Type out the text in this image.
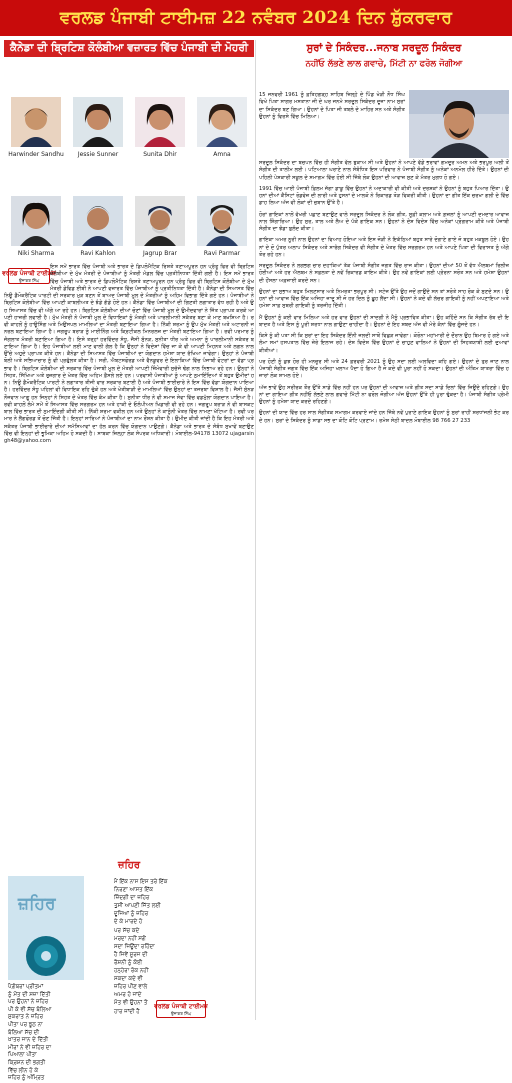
ਵਰਲਡ ਪੰਜਾਬੀ ਟਾਈਮਜ਼ 22 ਨਵੰਬਰ 2024 ਦਿਨ ਸ਼ੁੱਕਰਵਾਰ
ਕੈਨੇਡਾ ਦੀ ਬ੍ਰਿਟਿਸ਼ ਕੋਲੰਬੀਆ ਵਜ਼ਾਰਤ ਵਿੱਚ ਪੰਜਾਬੀ ਦੀ ਮੋਹਰੀ
Harwinder Sandhu	Jessie Sunner	Sunita Dhir	Amna
Niki Sharma	Ravi Kahlon	Jagrup Brar	Ravi Parmar
ਵਰਲਡ ਪੰਜਾਬੀ ਟਾਈਮਜ਼
ਉਜਾਗਰ ਸਿੰਘ
ਇਸ ਸਮੇਂ ਭਾਰਤ ਵਿੱਚ ਪੰਜਾਬੀ ਅਤੇ ਭਾਰਤ ਦੇ ਡਿਪਲੋਮੈਟਿਕ ਰਿਸ਼ਤੇ ਤਣਾਅਪੂਰਨ ਹਨ ਪ੍ਰੰਤੂ ਫਿਰ ਵੀ ਬ੍ਰਿਟਿਸ਼ ਕੋਲੰਬੀਆ ਦੇ ਮੁੱਖ ਮੰਤਰੀ ਦੇ ਪੰਜਾਬੀਆਂ ਨੂੰ ਮੰਤਰੀ ਮੰਡਲ ਵਿੱਚ ਪ੍ਰਤੀਨਿਧਤਾ ਦਿੱਤੀ ਗਈ ਹੈ। ਇਸ ਸਮੇਂ ਭਾਰਤ ਵਿੱਚ ਪੰਜਾਬੀ ਅਤੇ ਭਾਰਤ ਦੇ ਡਿਪਲੋਮੈਟਿਕ ਰਿਸ਼ਤੇ ਤਣਾਅਪੂਰਨ ਹਨ ਪ੍ਰੰਤੂ ਫਿਰ ਵੀ ਬ੍ਰਿਟਿਸ਼ ਕੋਲੰਬੀਆ ਦੇ ਮੁੱਖ ਮੰਤਰੀ ਡੇਵਿਡ ਈਬੀ ਨੇ ਆਪਣੀ ਵਜ਼ਾਰਤ ਵਿੱਚ ਪੰਜਾਬੀਆਂ ਨੂੰ ਪ੍ਰਤੀਨਿਧਤਾ ਦਿੱਤੀ ਹੈ। ਕੈਨੇਡਾ ਦੀ ਸਿਆਸਤ ਵਿੱਚ ਨਿਊ ਡੈਮੋਕਰੈਟਿਕ ਪਾਰਟੀ ਦੀ ਸਰਕਾਰ ਮੁੜ ਬਣਨ ਤੋਂ ਬਾਅਦ ਪੰਜਾਬੀ ਮੂਲ ਦੇ ਮੰਤਰੀਆਂ ਨੂੰ ਅਹਿਮ ਵਿਭਾਗ ਦਿੱਤੇ ਗਏ ਹਨ। ਪੰਜਾਬੀਆਂ ਨੇ ਬ੍ਰਿਟਿਸ਼ ਕੋਲੰਬੀਆ ਵਿੱਚ ਆਪਣੀ ਕਾਬਲੀਅਤ ਦੇ ਝੰਡੇ ਗੱਡੇ ਹੋਏ ਹਨ। ਕੈਨੇਡਾ ਵਿੱਚ ਪੰਜਾਬੀਆਂ ਦੀ ਗਿਣਤੀ ਲਗਾਤਾਰ ਵੱਧ ਰਹੀ ਹੈ ਅਤੇ ਉਹ ਸਿਆਸਤ ਵਿੱਚ ਵੀ ਅੱਗੇ ਆ ਰਹੇ ਹਨ। ਬ੍ਰਿਟਿਸ਼ ਕੋਲੰਬੀਆ ਦੀਆਂ ਚੋਣਾਂ ਵਿੱਚ ਪੰਜਾਬੀ ਮੂਲ ਦੇ ਉਮੀਦਵਾਰਾਂ ਨੇ ਜਿੱਤ ਪ੍ਰਾਪਤ ਕਰਕੇ ਆਪਣੀ ਹਾਜ਼ਰੀ ਲਵਾਈ ਹੈ। ਮੁੱਖ ਮੰਤਰੀ ਨੇ ਪੰਜਾਬੀ ਮੂਲ ਦੇ ਵਿਧਾਇਕਾਂ ਨੂੰ ਮੰਤਰੀ ਅਤੇ ਪਾਰਲੀਮਾਨੀ ਸਕੱਤਰ ਬਣਾ ਕੇ ਮਾਣ ਬਖ਼ਸ਼ਿਆ ਹੈ। ਰਵੀ ਕਾਹਲੋਂ ਨੂੰ ਹਾਊਸਿੰਗ ਅਤੇ ਮਿਉਂਸਪਲ ਮਾਮਲਿਆਂ ਦਾ ਮੰਤਰੀ ਬਣਾਇਆ ਗਿਆ ਹੈ। ਨਿੱਕੀ ਸ਼ਰਮਾ ਨੂੰ ਉਪ ਮੁੱਖ ਮੰਤਰੀ ਅਤੇ ਅਟਾਰਨੀ ਜਨਰਲ ਬਣਾਇਆ ਗਿਆ ਹੈ। ਜਗਰੂਪ ਬਰਾੜ ਨੂੰ ਮਾਈਨਿੰਗ ਅਤੇ ਕ੍ਰਿਟੀਕਲ ਮਿਨਰਲਜ਼ ਦਾ ਮੰਤਰੀ ਬਣਾਇਆ ਗਿਆ ਹੈ। ਰਵੀ ਪਰਮਾਰ ਨੂੰ ਜੰਗਲਾਤ ਮੰਤਰੀ ਬਣਾਇਆ ਗਿਆ ਹੈ। ਇਸੇ ਤਰ੍ਹਾਂ ਹਰਵਿੰਦਰ ਸੰਧੂ, ਜੈਸੀ ਸੁੰਨੜ, ਸੁਨੀਤਾ ਧੀਰ ਅਤੇ ਅਮਨਾ ਨੂੰ ਪਾਰਲੀਮਾਨੀ ਸਕੱਤਰ ਬਣਾਇਆ ਗਿਆ ਹੈ। ਇਹ ਪੰਜਾਬੀਆਂ ਲਈ ਮਾਣ ਵਾਲੀ ਗੱਲ ਹੈ ਕਿ ਉਨ੍ਹਾਂ ਨੇ ਵਿਦੇਸ਼ਾਂ ਵਿੱਚ ਜਾ ਕੇ ਵੀ ਆਪਣੀ ਮਿਹਨਤ ਅਤੇ ਲਗਨ ਨਾਲ ਉੱਚੇ ਅਹੁਦੇ ਪ੍ਰਾਪਤ ਕੀਤੇ ਹਨ। ਕੈਨੇਡਾ ਦੀ ਸਿਆਸਤ ਵਿੱਚ ਪੰਜਾਬੀਆਂ ਦਾ ਯੋਗਦਾਨ ਹਮੇਸ਼ਾ ਯਾਦ ਰੱਖਿਆ ਜਾਵੇਗਾ। ਉਨ੍ਹਾਂ ਨੇ ਪੰਜਾਬੀ ਬੋਲੀ ਅਤੇ ਸਭਿਆਚਾਰ ਨੂੰ ਵੀ ਪ੍ਰਫੁੱਲਤ ਕੀਤਾ ਹੈ। ਸਰੀ, ਐਬਟਸਫੋਰਡ ਅਤੇ ਵੈਨਕੂਵਰ ਦੇ ਇਲਾਕਿਆਂ ਵਿੱਚ ਪੰਜਾਬੀ ਵੋਟਰਾਂ ਦਾ ਵੱਡਾ ਪ੍ਰਭਾਵ ਹੈ। ਬ੍ਰਿਟਿਸ਼ ਕੋਲੰਬੀਆ ਦੀ ਸਰਕਾਰ ਵਿੱਚ ਪੰਜਾਬੀ ਮੂਲ ਦੇ ਮੰਤਰੀ ਆਪਣੀ ਜ਼ਿੰਮੇਵਾਰੀ ਸੁਚੱਜੇ ਢੰਗ ਨਾਲ ਨਿਭਾਅ ਰਹੇ ਹਨ। ਉਨ੍ਹਾਂ ਨੇ ਸਿਹਤ, ਸਿੱਖਿਆ ਅਤੇ ਰੁਜ਼ਗਾਰ ਦੇ ਖੇਤਰ ਵਿੱਚ ਅਹਿਮ ਫ਼ੈਸਲੇ ਲਏ ਹਨ। ਪਰਵਾਸੀ ਪੰਜਾਬੀਆਂ ਨੂੰ ਆਪਣੇ ਨੁਮਾਇੰਦਿਆਂ ਤੋਂ ਬਹੁਤ ਉਮੀਦਾਂ ਹਨ। ਨਿਊ ਡੈਮੋਕਰੈਟਿਕ ਪਾਰਟੀ ਨੇ ਲਗਾਤਾਰ ਤੀਜੀ ਵਾਰ ਸਰਕਾਰ ਬਣਾਈ ਹੈ ਅਤੇ ਪੰਜਾਬੀ ਭਾਈਚਾਰੇ ਨੇ ਇਸ ਵਿੱਚ ਵੱਡਾ ਯੋਗਦਾਨ ਪਾਇਆ ਹੈ। ਹਰਵਿੰਦਰ ਸੰਧੂ ਪਹਿਲਾਂ ਵੀ ਵਿਧਾਇਕ ਰਹਿ ਚੁੱਕੇ ਹਨ ਅਤੇ ਖੇਤੀਬਾੜੀ ਦੇ ਮਾਮਲਿਆਂ ਵਿੱਚ ਉਨ੍ਹਾਂ ਦਾ ਤਜਰਬਾ ਵਿਸ਼ਾਲ ਹੈ। ਜੈਸੀ ਸੁੰਨੜ ਨੌਜਵਾਨ ਆਗੂ ਹਨ ਜਿਨ੍ਹਾਂ ਨੇ ਸਿਹਤ ਦੇ ਖੇਤਰ ਵਿੱਚ ਕੰਮ ਕੀਤਾ ਹੈ। ਸੁਨੀਤਾ ਧੀਰ ਨੇ ਵੀ ਸਮਾਜ ਸੇਵਾ ਵਿੱਚ ਵਡਮੁੱਲਾ ਯੋਗਦਾਨ ਪਾਇਆ ਹੈ। ਰਵੀ ਕਾਹਲੋਂ ਲੰਮੇ ਸਮੇਂ ਤੋਂ ਸਿਆਸਤ ਵਿੱਚ ਸਰਗਰਮ ਹਨ ਅਤੇ ਹਾਕੀ ਦੇ ਓਲੰਪੀਅਨ ਖਿਡਾਰੀ ਵੀ ਰਹੇ ਹਨ। ਜਗਰੂਪ ਬਰਾੜ ਨੇ ਵੀ ਬਾਸਕਟਬਾਲ ਵਿੱਚ ਭਾਰਤ ਦੀ ਨੁਮਾਇੰਦਗੀ ਕੀਤੀ ਸੀ। ਨਿੱਕੀ ਸ਼ਰਮਾ ਵਕੀਲ ਹਨ ਅਤੇ ਉਨ੍ਹਾਂ ਨੇ ਕਾਨੂੰਨੀ ਖੇਤਰ ਵਿੱਚ ਨਾਮਣਾ ਖੱਟਿਆ ਹੈ। ਰਵੀ ਪਰਮਾਰ ਨੇ ਲੈਂਗਫੋਰਡ ਤੋਂ ਚੋਣ ਜਿੱਤੀ ਹੈ। ਇਨ੍ਹਾਂ ਸਾਰਿਆਂ ਨੇ ਪੰਜਾਬੀਆਂ ਦਾ ਨਾਮ ਰੌਸ਼ਨ ਕੀਤਾ ਹੈ। ਉਮੀਦ ਕੀਤੀ ਜਾਂਦੀ ਹੈ ਕਿ ਇਹ ਮੰਤਰੀ ਅਤੇ ਸਕੱਤਰ ਪੰਜਾਬੀ ਭਾਈਚਾਰੇ ਦੀਆਂ ਸਮੱਸਿਆਵਾਂ ਦਾ ਹੱਲ ਕਰਨ ਵਿੱਚ ਯੋਗਦਾਨ ਪਾਉਣਗੇ। ਕੈਨੇਡਾ ਅਤੇ ਭਾਰਤ ਦੇ ਸੰਬੰਧ ਸੁਖਾਵੇਂ ਬਣਾਉਣ ਵਿੱਚ ਵੀ ਇਨ੍ਹਾਂ ਦੀ ਭੂਮਿਕਾ ਅਹਿਮ ਹੋ ਸਕਦੀ ਹੈ। ਸਾਬਕਾ ਜ਼ਿਲ੍ਹਾ ਲੋਕ ਸੰਪਰਕ ਅਧਿਕਾਰੀ। ਮੋਬਾਈਲ-94178 13072 ujagarsingh48@yahoo.com
ਜ਼ਹਿਰ
ਜ਼ਹਿਰ
ਮੈਂ ਇੱਕ ਨਾਸ ਇਸ ਤਰੇ ਇੱਕ
ਨਿਰਣਾ ਆਸਤ ਇੱਕ
ਜ਼ਿੰਦਗੀ ਦਾ ਜ਼ਹਿਰ
ਤੁਸੀਂ ਆਪਣੀ ਜਿੱਤ ਲਈ
ਦੂਜਿਆਂ ਨੂੰ ਜ਼ਹਿਰ
ਦੇ ਕੇ ਮਾਰਦੇ ਹੋ
ਪਰ ਸੱਚ ਕਦੇ
ਮਰਦਾ ਨਹੀਂ ਸਗੋਂ
ਸਦਾ ਜਿਊਂਦਾ ਰਹਿੰਦਾ
ਹੈ ਜਿਵੇਂ ਸੂਰਜ ਦੀ
ਰੌਸ਼ਨੀ ਨੂੰ ਕੋਈ
ਹਨ੍ਹੇਰਾ ਰੋਕ ਨਹੀਂ
ਸਕਦਾ ਕਦੇ ਵੀ
ਜ਼ਹਿਰ ਪੀਣ ਵਾਲੇ
ਅਮਰ ਹੋ ਜਾਂਦੇ
ਮੌਤ ਵੀ ਉਹਨਾਂ ਤੋਂ
ਹਾਰ ਜਾਂਦੀ ਹੈ
ਪੈਗ਼ੰਬਰਾਂ ਪ੍ਰੀਤਮਾਂ
ਨੂੰ ਮੌਤ ਦੀ ਸਜ਼ਾ ਦਿੱਤੀ
ਪਰ ਉਹਨਾਂ ਨੇ ਜ਼ਹਿਰ
ਪੀ ਕੇ ਵੀ ਸੱਚ ਬੋਲਿਆ
ਸੁਕਰਾਤ ਨੇ ਜ਼ਹਿਰ
ਪੀਤਾ ਪਰ ਝੂਠ ਨਾ
ਬੋਲਿਆ ਸੱਚ ਦੀ
ਖ਼ਾਤਰ ਜਾਨ ਦੇ ਦਿੱਤੀ
ਮੀਰਾਂ ਨੇ ਵੀ ਜ਼ਹਿਰ ਦਾ
ਪਿਆਲਾ ਪੀਤਾ
ਕ੍ਰਿਸ਼ਨ ਦੀ ਭਗਤੀ
ਵਿੱਚ ਲੀਨ ਹੋ ਕੇ
ਜ਼ਹਿਰ ਨੂੰ ਅੰਮ੍ਰਿਤ
ਵਰਲਡ ਪੰਜਾਬੀ ਟਾਈਮਜ਼
ਉਜਾਗਰ ਸਿੰਘ
ਸੁਰਾਂ ਦੇ ਸਿਕੰਦਰ...ਜਨਾਬ ਸਰਦੂਲ ਸਿਕੰਦਰ
ਨਹੀਂਓ ਲੱਭਣੇ ਲਾਲ ਗਵਾਚੇ, ਮਿੱਟੀ ਨਾ ਫਰੋਲ ਜੋਗੀਆ
15 ਜਨਵਰੀ 1961 ਨੂੰ ਫ਼ਤਿਹਗੜ੍ਹ ਸਾਹਿਬ ਜ਼ਿਲ੍ਹੇ ਦੇ ਪਿੰਡ ਖੇੜੀ ਨੌਧ ਸਿੰਘ ਵਿਖੇ ਪਿਤਾ ਸਾਗਰ ਮਸਤਾਨਾ ਜੀ ਦੇ ਘਰ ਜਨਮੇ ਸਰਦੂਲ ਸਿਕੰਦਰ ਦੂਜਾ ਨਾਮ ਸੁਰਾਂ ਦਾ ਸਿਕੰਦਰ ਬਣ ਗਿਆ। ਉਹਨਾਂ ਦੇ ਪਿਤਾ ਜੀ ਤਬਲੇ ਦੇ ਮਾਹਿਰ ਸਨ ਅਤੇ ਸੰਗੀਤ ਉਹਨਾਂ ਨੂੰ ਵਿਰਸੇ ਵਿੱਚ ਮਿਲਿਆ।

ਸਰਦੂਲ ਸਿਕੰਦਰ ਦਾ ਬਚਪਨ ਵਿੱਚ ਹੀ ਸੰਗੀਤ ਵੱਲ ਝੁਕਾਅ ਸੀ ਅਤੇ ਉਹਨਾਂ ਨੇ ਆਪਣੇ ਵੱਡੇ ਭਰਾਵਾਂ ਗਮਦੂਰ ਅਮਨ ਅਤੇ ਭਰਪੂਰ ਅਲੀ ਤੋਂ ਸੰਗੀਤ ਦੀ ਤਾਲੀਮ ਲਈ। ਪਟਿਆਲਾ ਘਰਾਣੇ ਨਾਲ ਸੰਬੰਧਿਤ ਇਸ ਪਰਿਵਾਰ ਨੇ ਪੰਜਾਬੀ ਸੰਗੀਤ ਨੂੰ ਅਨੇਕਾਂ ਅਨਮੋਲ ਹੀਰੇ ਦਿੱਤੇ। ਉਹਨਾਂ ਦੀ ਪਹਿਲੀ ਪੇਸ਼ਕਾਰੀ ਸਕੂਲ ਦੇ ਸਮਾਗਮ ਵਿੱਚ ਹੋਈ ਸੀ ਜਿੱਥੇ ਲੋਕ ਉਹਨਾਂ ਦੀ ਆਵਾਜ਼ ਸੁਣ ਕੇ ਮੰਤਰ ਮੁਗਧ ਹੋ ਗਏ।

1991 ਵਿੱਚ ਆਈ ਪੰਜਾਬੀ ਫ਼ਿਲਮ ਜੱਗਾ ਡਾਕੂ ਵਿੱਚ ਉਹਨਾਂ ਨੇ ਅਦਾਕਾਰੀ ਵੀ ਕੀਤੀ ਅਤੇ ਦਰਸ਼ਕਾਂ ਨੇ ਉਹਨਾਂ ਨੂੰ ਬਹੁਤ ਪਿਆਰ ਦਿੱਤਾ। ਉਹਨਾਂ ਦੀਆਂ ਕੈਸਿਟਾਂ ਰੋਡਵੇਜ਼ ਦੀ ਲਾਰੀ ਅਤੇ ਹੁਸਨਾਂ ਦੇ ਮਾਲਕੋ ਨੇ ਰਿਕਾਰਡ ਤੋੜ ਵਿਕਰੀ ਕੀਤੀ। ਉਹਨਾਂ ਦਾ ਗੀਤ ਇੱਕ ਚਰਖਾ ਗਲੀ ਦੇ ਵਿੱਚ ਡਾਹ ਲਿਆ ਅੱਜ ਵੀ ਲੋਕਾਂ ਦੀ ਜ਼ੁਬਾਨ ਉੱਤੇ ਹੈ।

ਹੋਰਾਂ ਗਾਇਕਾਂ ਨਾਲੋਂ ਵੱਖਰੀ ਪਛਾਣ ਬਣਾਉਣ ਵਾਲੇ ਸਰਦੂਲ ਸਿਕੰਦਰ ਨੇ ਲੋਕ ਗੀਤ, ਸੂਫ਼ੀ ਕਲਾਮ ਅਤੇ ਗ਼ਜ਼ਲਾਂ ਨੂੰ ਆਪਣੀ ਦਮਦਾਰ ਆਵਾਜ਼ ਨਾਲ ਸ਼ਿੰਗਾਰਿਆ। ਉਹ ਸੁਰ, ਤਾਲ ਅਤੇ ਲੈਅ ਦੇ ਪੱਕੇ ਗਾਇਕ ਸਨ। ਉਹਨਾਂ ਨੇ ਦੇਸ਼ ਵਿਦੇਸ਼ ਵਿੱਚ ਅਨੇਕਾਂ ਪ੍ਰੋਗਰਾਮ ਕੀਤੇ ਅਤੇ ਪੰਜਾਬੀ ਸੰਗੀਤ ਦਾ ਝੰਡਾ ਬੁਲੰਦ ਕੀਤਾ।

ਗਾਇਕਾ ਅਮਰ ਨੂਰੀ ਨਾਲ ਉਹਨਾਂ ਦਾ ਵਿਆਹ ਹੋਇਆ ਅਤੇ ਇਸ ਜੋੜੀ ਨੇ ਇਕੱਠਿਆਂ ਬਹੁਤ ਸਾਰੇ ਦੋਗਾਣੇ ਗਾਏ ਜੋ ਬਹੁਤ ਮਕਬੂਲ ਹੋਏ। ਉਹਨਾਂ ਦੇ ਦੋ ਪੁੱਤਰ ਅਲਾਪ ਸਿਕੰਦਰ ਅਤੇ ਸਾਰੰਗ ਸਿਕੰਦਰ ਵੀ ਸੰਗੀਤ ਦੇ ਖੇਤਰ ਵਿੱਚ ਸਰਗਰਮ ਹਨ ਅਤੇ ਆਪਣੇ ਪਿਤਾ ਦੀ ਵਿਰਾਸਤ ਨੂੰ ਅੱਗੇ ਤੋਰ ਰਹੇ ਹਨ।

ਸਰਦੂਲ ਸਿਕੰਦਰ ਨੇ ਲਗਭਗ ਚਾਰ ਦਹਾਕਿਆਂ ਤੱਕ ਪੰਜਾਬੀ ਸੰਗੀਤ ਜਗਤ ਵਿੱਚ ਰਾਜ ਕੀਤਾ। ਉਹਨਾਂ ਦੀਆਂ 50 ਤੋਂ ਵੱਧ ਐਲਬਮਾਂ ਰਿਲੀਜ਼ ਹੋਈਆਂ ਅਤੇ ਹਰ ਐਲਬਮ ਨੇ ਸਫ਼ਲਤਾ ਦੇ ਨਵੇਂ ਰਿਕਾਰਡ ਕਾਇਮ ਕੀਤੇ। ਉਹ ਨਵੇਂ ਗਾਇਕਾਂ ਲਈ ਪ੍ਰੇਰਨਾ ਸਰੋਤ ਸਨ ਅਤੇ ਹਮੇਸ਼ਾ ਉਹਨਾਂ ਦੀ ਹੌਂਸਲਾ ਅਫ਼ਜ਼ਾਈ ਕਰਦੇ ਸਨ।

ਉਹਨਾਂ ਦਾ ਸੁਭਾਅ ਬਹੁਤ ਮਿਲਣਸਾਰ ਅਤੇ ਨਿਮਰਤਾ ਭਰਪੂਰ ਸੀ। ਸਟੇਜ ਉੱਤੇ ਉਹ ਜਦੋਂ ਗਾਉਂਦੇ ਸਨ ਤਾਂ ਸਰੋਤੇ ਸਾਹ ਰੋਕ ਕੇ ਸੁਣਦੇ ਸਨ। ਉਹਨਾਂ ਦੀ ਆਵਾਜ਼ ਵਿੱਚ ਇੱਕ ਅਜਿਹਾ ਜਾਦੂ ਸੀ ਜੋ ਹਰ ਦਿਲ ਨੂੰ ਛੂਹ ਲੈਂਦਾ ਸੀ। ਉਹਨਾਂ ਨੇ ਕਦੇ ਵੀ ਲੱਚਰ ਗਾਇਕੀ ਨੂੰ ਨਹੀਂ ਅਪਣਾਇਆ ਅਤੇ ਹਮੇਸ਼ਾ ਸਾਫ਼ ਸੁਥਰੀ ਗਾਇਕੀ ਨੂੰ ਤਰਜੀਹ ਦਿੱਤੀ।

ਮੈਂ ਉਹਨਾਂ ਨੂੰ ਕਈ ਵਾਰ ਮਿਲਿਆ ਅਤੇ ਹਰ ਵਾਰ ਉਹਨਾਂ ਦੀ ਸਾਦਗੀ ਨੇ ਮੈਨੂੰ ਪ੍ਰਭਾਵਿਤ ਕੀਤਾ। ਉਹ ਕਹਿੰਦੇ ਸਨ ਕਿ ਸੰਗੀਤ ਰੱਬ ਦੀ ਇਬਾਦਤ ਹੈ ਅਤੇ ਇਸ ਨੂੰ ਪੂਰੀ ਸ਼ਰਧਾ ਨਾਲ ਗਾਉਣਾ ਚਾਹੀਦਾ ਹੈ। ਉਹਨਾਂ ਦੇ ਇਹ ਸ਼ਬਦ ਅੱਜ ਵੀ ਮੇਰੇ ਕੰਨਾਂ ਵਿੱਚ ਗੂੰਜਦੇ ਹਨ।

ਕਿਸੇ ਨੂੰ ਕੀ ਪਤਾ ਸੀ ਕਿ ਸੁਰਾਂ ਦਾ ਇਹ ਸਿਕੰਦਰ ਇੰਨੀ ਜਲਦੀ ਸਾਥੋਂ ਵਿਛੜ ਜਾਵੇਗਾ। ਕੋਰੋਨਾ ਮਹਾਂਮਾਰੀ ਦੇ ਦੌਰਾਨ ਉਹ ਬਿਮਾਰ ਹੋ ਗਏ ਅਤੇ ਲੰਮਾ ਸਮਾਂ ਹਸਪਤਾਲ ਵਿੱਚ ਜ਼ੇਰੇ ਇਲਾਜ ਰਹੇ। ਦੇਸ਼ ਵਿਦੇਸ਼ ਵਿੱਚ ਉਹਨਾਂ ਦੇ ਚਾਹੁਣ ਵਾਲਿਆਂ ਨੇ ਉਹਨਾਂ ਦੀ ਸਿਹਤਯਾਬੀ ਲਈ ਦੁਆਵਾਂ ਕੀਤੀਆਂ।

ਪਰ ਹੋਣੀ ਨੂੰ ਕੁਝ ਹੋਰ ਹੀ ਮਨਜ਼ੂਰ ਸੀ ਅਤੇ 24 ਫ਼ਰਵਰੀ 2021 ਨੂੰ ਉਹ ਸਦਾ ਲਈ ਅਲਵਿਦਾ ਕਹਿ ਗਏ। ਉਹਨਾਂ ਦੇ ਤੁਰ ਜਾਣ ਨਾਲ ਪੰਜਾਬੀ ਸੰਗੀਤ ਜਗਤ ਵਿੱਚ ਇੱਕ ਅਜਿਹਾ ਖਲਾਅ ਪੈਦਾ ਹੋ ਗਿਆ ਹੈ ਜੋ ਕਦੇ ਵੀ ਪੂਰਾ ਨਹੀਂ ਹੋ ਸਕਦਾ। ਉਹਨਾਂ ਦੀ ਅੰਤਿਮ ਯਾਤਰਾ ਵਿੱਚ ਹਜ਼ਾਰਾਂ ਲੋਕ ਸ਼ਾਮਲ ਹੋਏ।

ਅੱਜ ਭਾਵੇਂ ਉਹ ਸਰੀਰਕ ਤੌਰ ਉੱਤੇ ਸਾਡੇ ਵਿੱਚ ਨਹੀਂ ਹਨ ਪਰ ਉਹਨਾਂ ਦੀ ਆਵਾਜ਼ ਅਤੇ ਗੀਤ ਸਦਾ ਸਾਡੇ ਦਿਲਾਂ ਵਿੱਚ ਜਿਊਂਦੇ ਰਹਿਣਗੇ। ਉਹਨਾਂ ਦਾ ਗਾਇਆ ਗੀਤ ਨਹੀਂਓ ਲੱਭਣੇ ਲਾਲ ਗਵਾਚੇ ਮਿੱਟੀ ਨਾ ਫਰੋਲ ਜੋਗੀਆ ਅੱਜ ਉਹਨਾਂ ਉੱਤੇ ਹੀ ਪੂਰਾ ਢੁੱਕਦਾ ਹੈ। ਪੰਜਾਬੀ ਸੰਗੀਤ ਪ੍ਰੇਮੀ ਉਹਨਾਂ ਨੂੰ ਹਮੇਸ਼ਾ ਯਾਦ ਕਰਦੇ ਰਹਿਣਗੇ।

ਉਹਨਾਂ ਦੀ ਯਾਦ ਵਿੱਚ ਹਰ ਸਾਲ ਸੰਗੀਤਕ ਸਮਾਗਮ ਕਰਵਾਏ ਜਾਂਦੇ ਹਨ ਜਿੱਥੇ ਨਵੇਂ ਪੁਰਾਣੇ ਗਾਇਕ ਉਹਨਾਂ ਨੂੰ ਸੁਰਾਂ ਰਾਹੀਂ ਸ਼ਰਧਾਂਜਲੀ ਭੇਟ ਕਰਦੇ ਹਨ। ਸੁਰਾਂ ਦੇ ਸਿਕੰਦਰ ਨੂੰ ਸਾਡਾ ਸਭ ਦਾ ਕੋਟਿ ਕੋਟਿ ਪ੍ਰਣਾਮ। ਰਮੇਸ਼ ਸੇਠੀ ਬਾਦਲ ਮੋਬਾਈਲ 98 766 27 233
